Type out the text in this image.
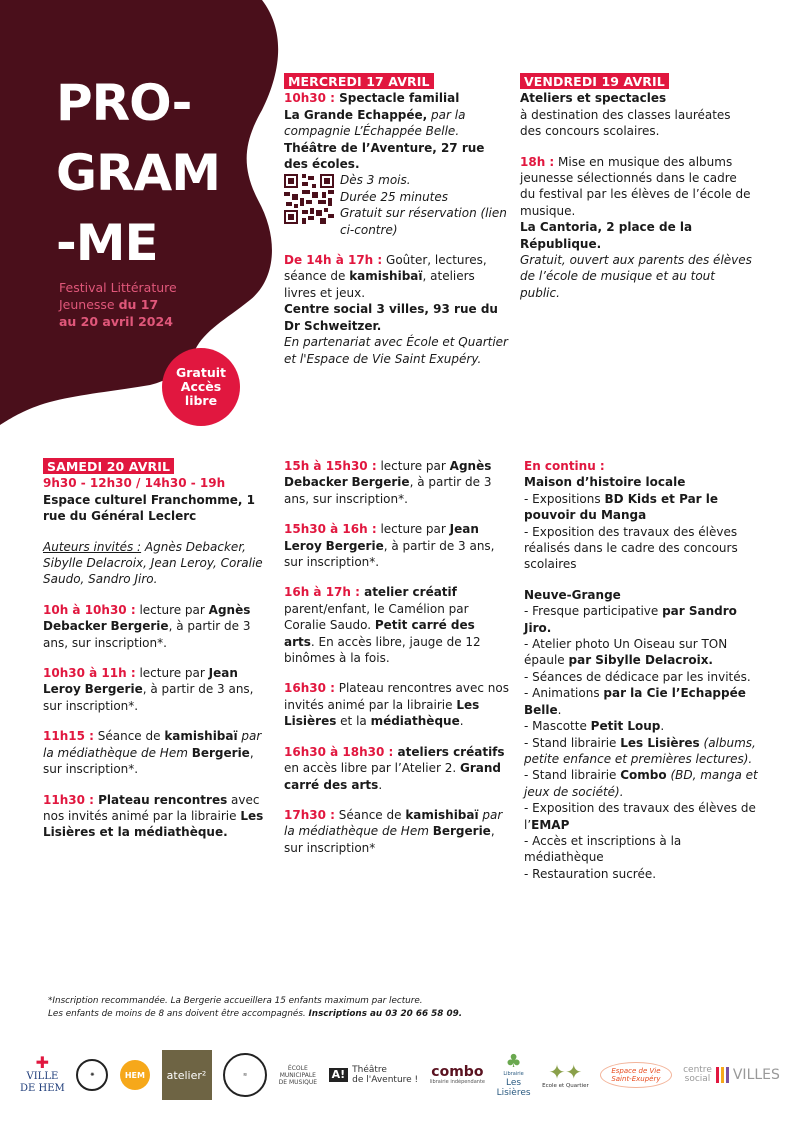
PRO-
GRAM
-ME
Festival Littérature
Jeunesse du 17
au 20 avril 2024
Gratuit
Accès
libre
MERCREDI 17 AVRIL
10h30 : Spectacle familial
La Grande Echappée, par la compagnie L’Échappée Belle.
Théâtre de l’Aventure, 27 rue des écoles.
Dès 3 mois.
Durée 25 minutes
Gratuit sur réservation (lien ci-contre)

De 14h à 17h : Goûter, lectures, séance de kamishibaï, ateliers livres et jeux.
Centre social 3 villes, 93 rue du Dr Schweitzer.
En partenariat avec École et Quartier et l'Espace de Vie Saint Exupéry.

VENDREDI 19 AVRIL

Ateliers et spectacles
à destination des classes lauréates des concours scolaires.

18h : Mise en musique des albums jeunesse sélectionnés dans le cadre du festival par les élèves de l’école de musique.
La Cantoria, 2 place de la République.
Gratuit, ouvert aux parents des élèves de l’école de musique et au tout public.

SAMEDI 20 AVRIL

9h30 - 12h30 / 14h30 - 19h
Espace culturel Franchomme, 1 rue du Général Leclerc

Auteurs invités : Agnès Debacker, Sibylle Delacroix, Jean Leroy, Coralie Saudo, Sandro Jiro.

10h à 10h30 : lecture par Agnès Debacker Bergerie, à partir de 3 ans, sur inscription*.

10h30 à 11h : lecture par Jean Leroy Bergerie, à partir de 3 ans, sur inscription*.

11h15 : Séance de kamishibaï par la médiathèque de Hem Bergerie, sur inscription*.

11h30 : Plateau rencontres avec nos invités animé par la librairie Les Lisières et la médiathèque.

15h à 15h30 : lecture par Agnès Debacker Bergerie, à partir de 3 ans, sur inscription*.

15h30 à 16h : lecture par Jean Leroy Bergerie, à partir de 3 ans, sur inscription*.

16h à 17h : atelier créatif parent/enfant, le Camélion par Coralie Saudo. Petit carré des arts. En accès libre, jauge de 12 binômes à la fois.

16h30 : Plateau rencontres avec nos invités animé par la librairie Les Lisières et la médiathèque.

16h30 à 18h30 : ateliers créatifs en accès libre par l’Atelier 2. Grand carré des arts.

17h30 : Séance de kamishibaï par la médiathèque de Hem Bergerie, sur inscription*

En continu :

Maison d’histoire locale
- Expositions BD Kids et Par le pouvoir du Manga
- Exposition des travaux des élèves réalisés dans le cadre des concours scolaires

Neuve-Grange
- Fresque participative par Sandro Jiro.
- Atelier photo Un Oiseau sur TON épaule par Sibylle Delacroix.
- Séances de dédicace par les invités.
- Animations par la Cie l’Echappée Belle.
- Mascotte Petit Loup.
- Stand librairie Les Lisières (albums, petite enfance et premières lectures).
- Stand librairie Combo (BD, manga et jeux de société).
- Exposition des travaux des élèves de l’EMAP
- Accès et inscriptions à la médiathèque
- Restauration sucrée.

*Inscription recommandée. La Bergerie accueillera 15 enfants maximum par lecture.
Les enfants de moins de 8 ans doivent être accompagnés. Inscriptions au 03 20 66 58 09.
✚
VILLE
DE HEM
✺	HEM atelier²	≋
ÉCOLE
MUNICIPALE
DE MUSIQUE
A! Théâtre
de l'Aventure !
combo
librairie indépendante
♣
Librairie
Les
Lisières
✦✦
Ecole et Quartier
Espace de Vie
Saint-Exupéry
centre
social VILLES
